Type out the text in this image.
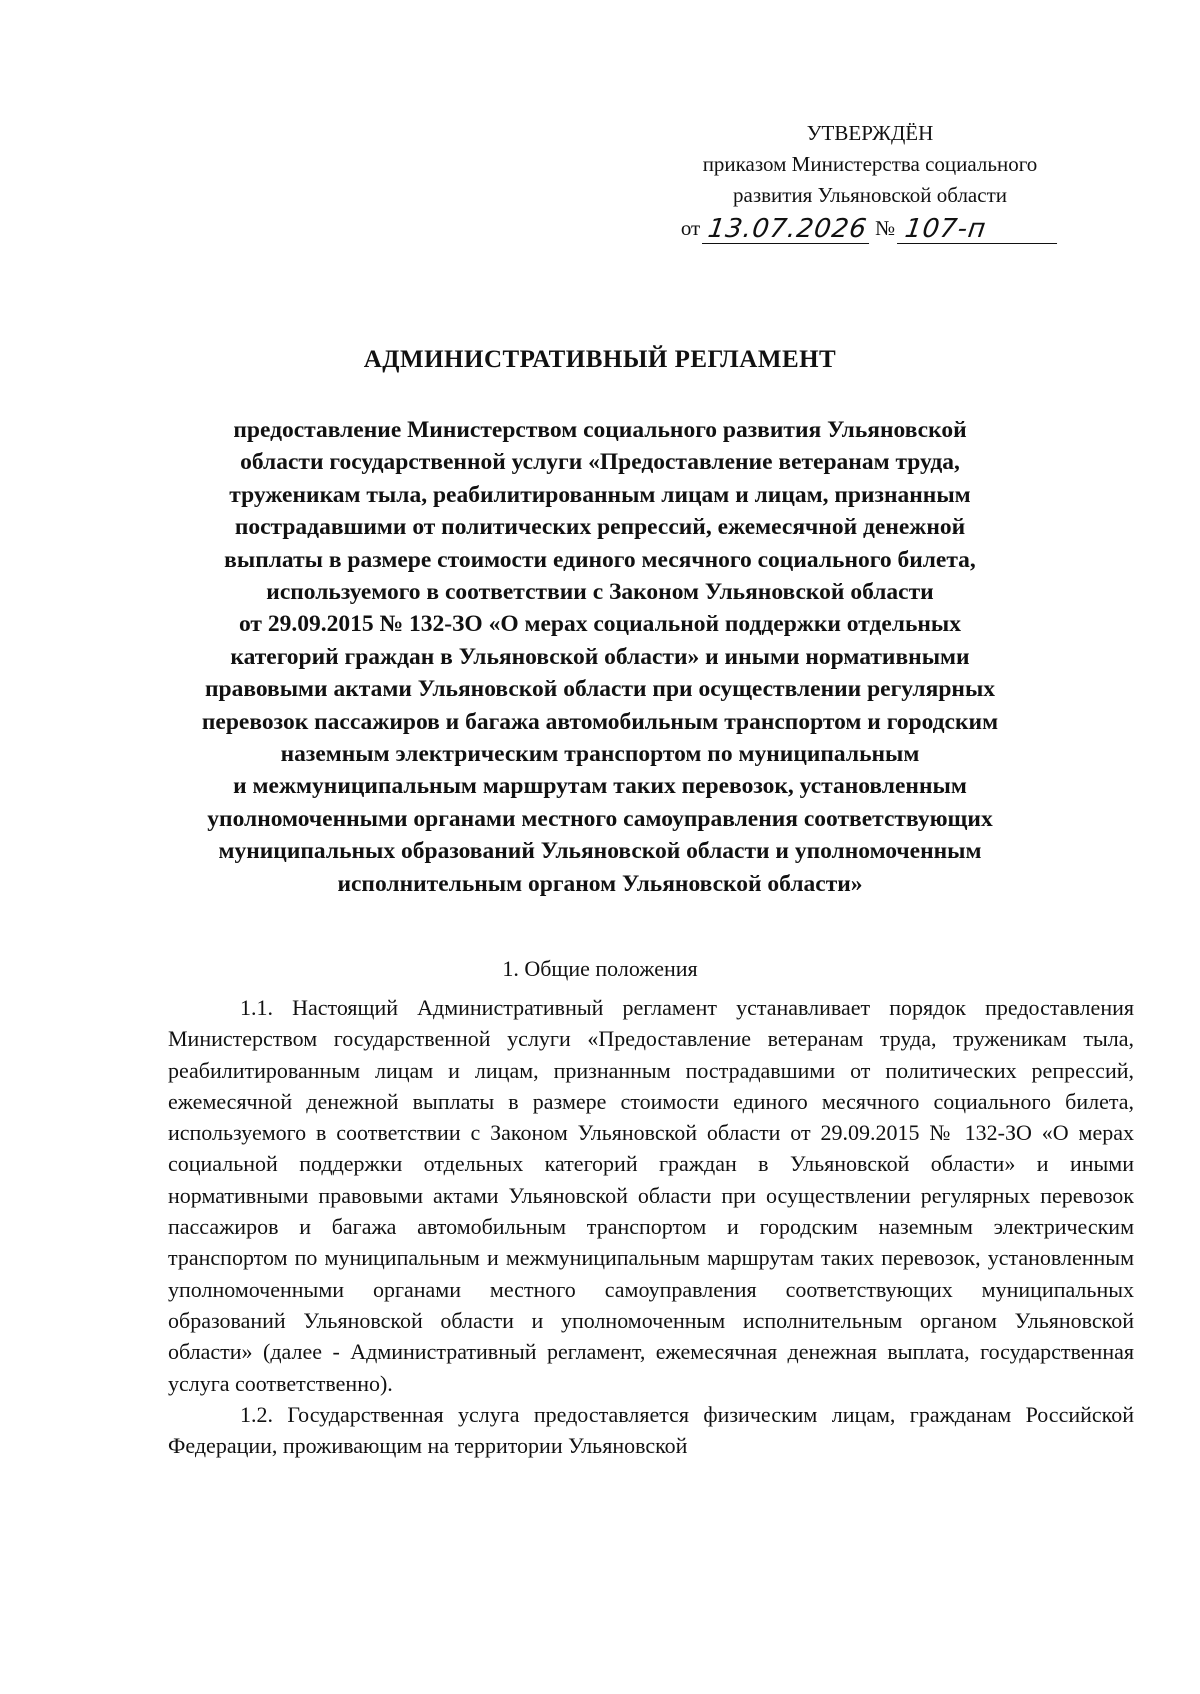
УТВЕРЖДЁН
приказом Министерства социального
развития Ульяновской области
от 13.07.2026 № 107-п
АДМИНИСТРАТИВНЫЙ РЕГЛАМЕНТ
предоставление Министерством социального развития Ульяновской
области государственной услуги «Предоставление ветеранам труда,
труженикам тыла, реабилитированным лицам и лицам, признанным
пострадавшими от политических репрессий, ежемесячной денежной
выплаты в размере стоимости единого месячного социального билета,
используемого в соответствии с Законом Ульяновской области
от 29.09.2015 № 132-ЗО «О мерах социальной поддержки отдельных
категорий граждан в Ульяновской области» и иными нормативными
правовыми актами Ульяновской области при осуществлении регулярных
перевозок пассажиров и багажа автомобильным транспортом и городским
наземным электрическим транспортом по муниципальным
и межмуниципальным маршрутам таких перевозок, установленным
уполномоченными органами местного самоуправления соответствующих
муниципальных образований Ульяновской области и уполномоченным
исполнительным органом Ульяновской области»
1. Общие положения

1.1. Настоящий Административный регламент устанавливает порядок предоставления Министерством государственной услуги «Предоставление ветеранам труда, труженикам тыла, реабилитированным лицам и лицам, признанным пострадавшими от политических репрессий, ежемесячной денежной выплаты в размере стоимости единого месячного социального билета, используемого в соответствии с Законом Ульяновской области от 29.09.2015 № 132-ЗО «О мерах социальной поддержки отдельных категорий граждан в Ульяновской области» и иными нормативными правовыми актами Ульяновской области при осуществлении регулярных перевозок пассажиров и багажа автомобильным транспортом и городским наземным электрическим транспортом по муниципальным и межмуниципальным маршрутам таких перевозок, установленным уполномоченными органами местного самоуправления соответствующих муниципальных образований Ульяновской области и уполномоченным исполнительным органом Ульяновской области» (далее - Административный регламент, ежемесячная денежная выплата, государственная услуга соответственно).

1.2. Государственная услуга предоставляется физическим лицам, гражданам Российской Федерации, проживающим на территории Ульяновской
